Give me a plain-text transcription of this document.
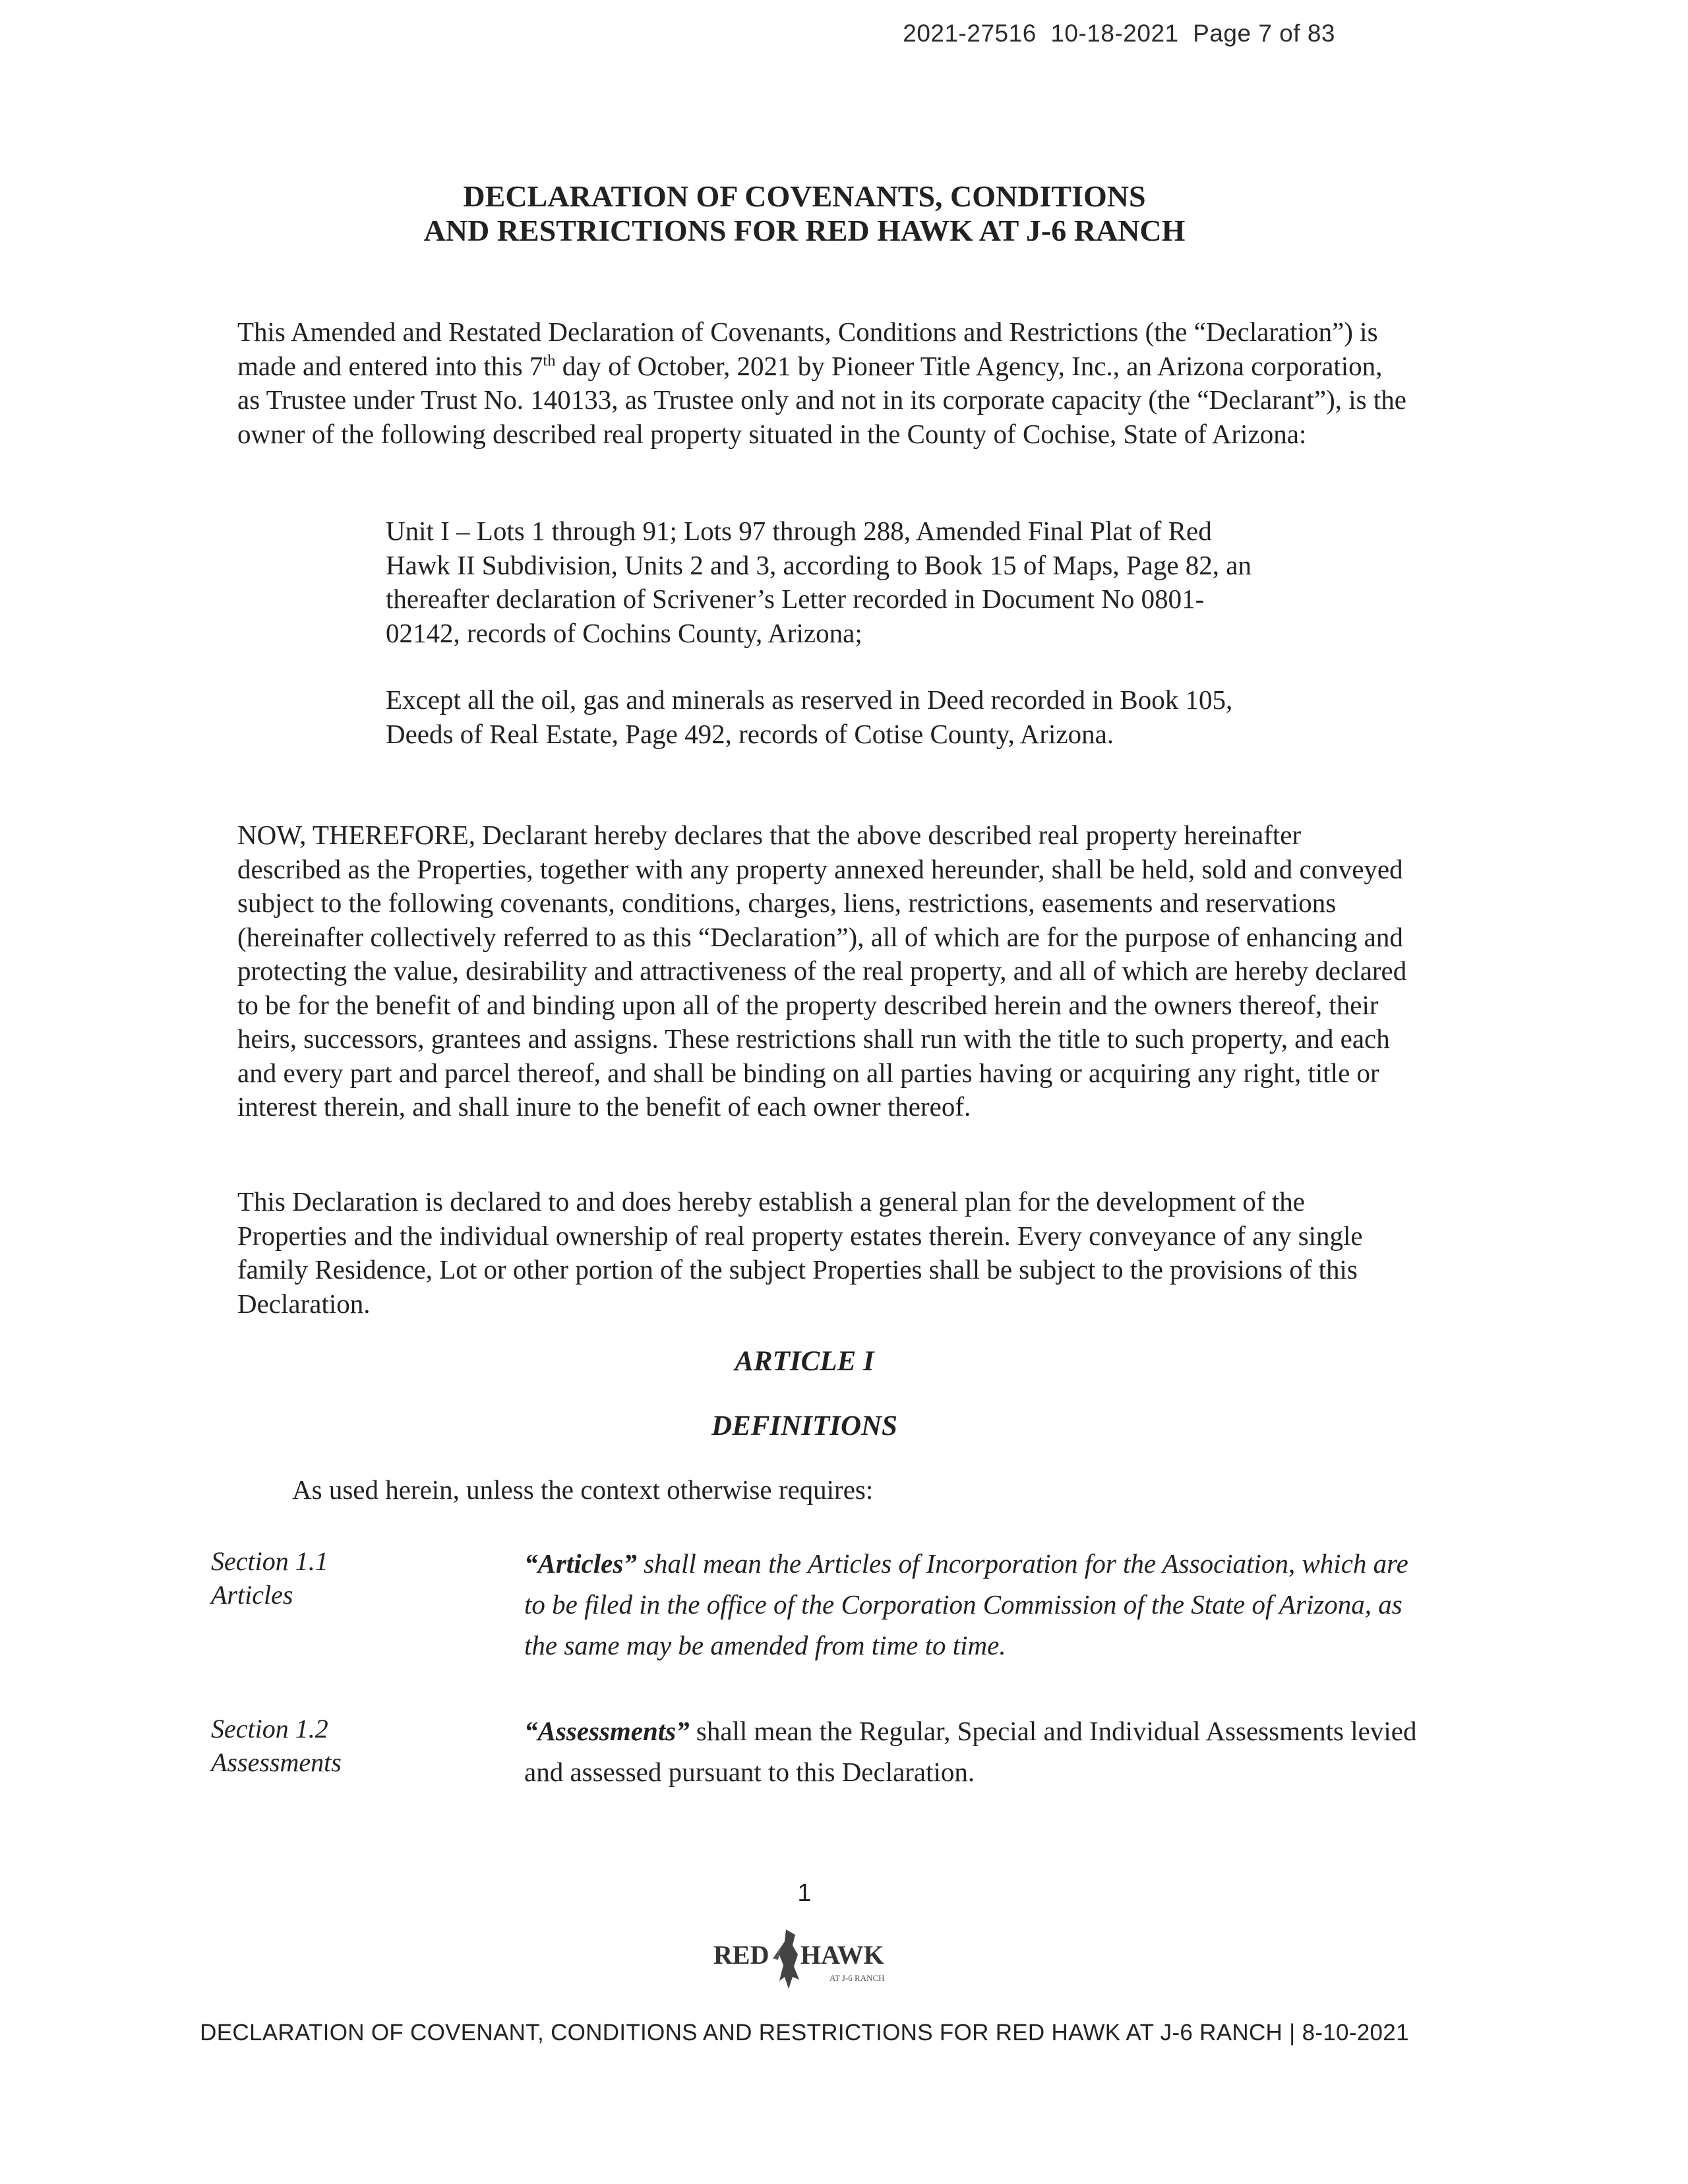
2021-27516  10-18-2021  Page 7 of 83
DECLARATION OF COVENANTS, CONDITIONS
AND RESTRICTIONS FOR RED HAWK AT J-6 RANCH
This Amended and Restated Declaration of Covenants, Conditions and Restrictions (the “Declaration”) is made and entered into this 7th day of October, 2021 by Pioneer Title Agency, Inc., an Arizona corporation, as Trustee under Trust No. 140133, as Trustee only and not in its corporate capacity (the “Declarant”), is the owner of the following described real property situated in the County of Cochise, State of Arizona:
Unit I – Lots 1 through 91; Lots 97 through 288, Amended Final Plat of Red Hawk II Subdivision, Units 2 and 3, according to Book 15 of Maps, Page 82, an thereafter declaration of Scrivener’s Letter recorded in Document No 0801-02142, records of Cochins County, Arizona;
Except all the oil, gas and minerals as reserved in Deed recorded in Book 105, Deeds of Real Estate, Page 492, records of Cotise County, Arizona.
NOW, THEREFORE, Declarant hereby declares that the above described real property hereinafter described as the Properties, together with any property annexed hereunder, shall be held, sold and conveyed subject to the following covenants, conditions, charges, liens, restrictions, easements and reservations (hereinafter collectively referred to as this “Declaration”), all of which are for the purpose of enhancing and protecting the value, desirability and attractiveness of the real property, and all of which are hereby declared to be for the benefit of and binding upon all of the property described herein and the owners thereof, their heirs, successors, grantees and assigns. These restrictions shall run with the title to such property, and each and every part and parcel thereof, and shall be binding on all parties having or acquiring any right, title or interest therein, and shall inure to the benefit of each owner thereof.
This Declaration is declared to and does hereby establish a general plan for the development of the Properties and the individual ownership of real property estates therein. Every conveyance of any single family Residence, Lot or other portion of the subject Properties shall be subject to the provisions of this Declaration.
ARTICLE I
DEFINITIONS
As used herein, unless the context otherwise requires:
Section 1.1
Articles
“Articles” shall mean the Articles of Incorporation for the Association, which are to be filed in the office of the Corporation Commission of the State of Arizona, as the same may be amended from time to time.
Section 1.2
Assessments
“Assessments” shall mean the Regular, Special and Individual Assessments levied and assessed pursuant to this Declaration.
1
RED HAWK
AT J-6 RANCH
DECLARATION OF COVENANT, CONDITIONS AND RESTRICTIONS FOR RED HAWK AT J-6 RANCH | 8-10-2021
